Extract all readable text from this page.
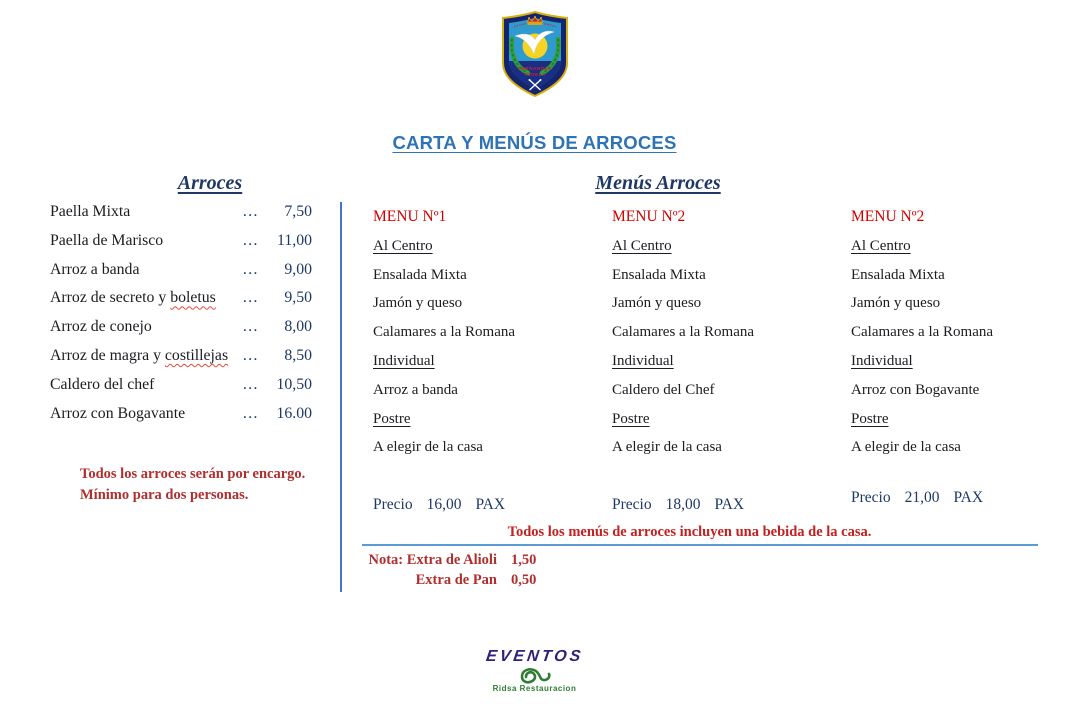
FERNANDEZ
TUDELA
CARTA Y MENÚS DE ARROCES
Arroces
Paella Mixta	…	7,50
Paella de Marisco	…	11,00
Arroz a banda	…	9,00
Arroz de secreto y boletus …	9,50
Arroz de conejo	…	8,00
Arroz de magra y costillejas …	8,50
Caldero del chef	…	10,50
Arroz con Bogavante	…	16.00
Todos los arroces serán por encargo.
Mínimo para dos personas.
Menús Arroces
MENU Nº1
Al Centro
Ensalada Mixta
Jamón y queso
Calamares a la Romana
Individual
Arroz a banda
Postre
A elegir de la casa
Precio 16,00 PAX
MENU Nº2
Al Centro
Ensalada Mixta
Jamón y queso
Calamares a la Romana
Individual
Caldero del Chef
Postre
A elegir de la casa
Precio 18,00 PAX
MENU Nº2
Al Centro
Ensalada Mixta
Jamón y queso
Calamares a la Romana
Individual
Arroz con Bogavante
Postre
A elegir de la casa
Precio 21,00 PAX
Todos los menús de arroces incluyen una bebida de la casa.
Nota: Extra de Alioli 1,50
Extra de Pan 0,50
EVENTOS
Ridsa Restauracion
